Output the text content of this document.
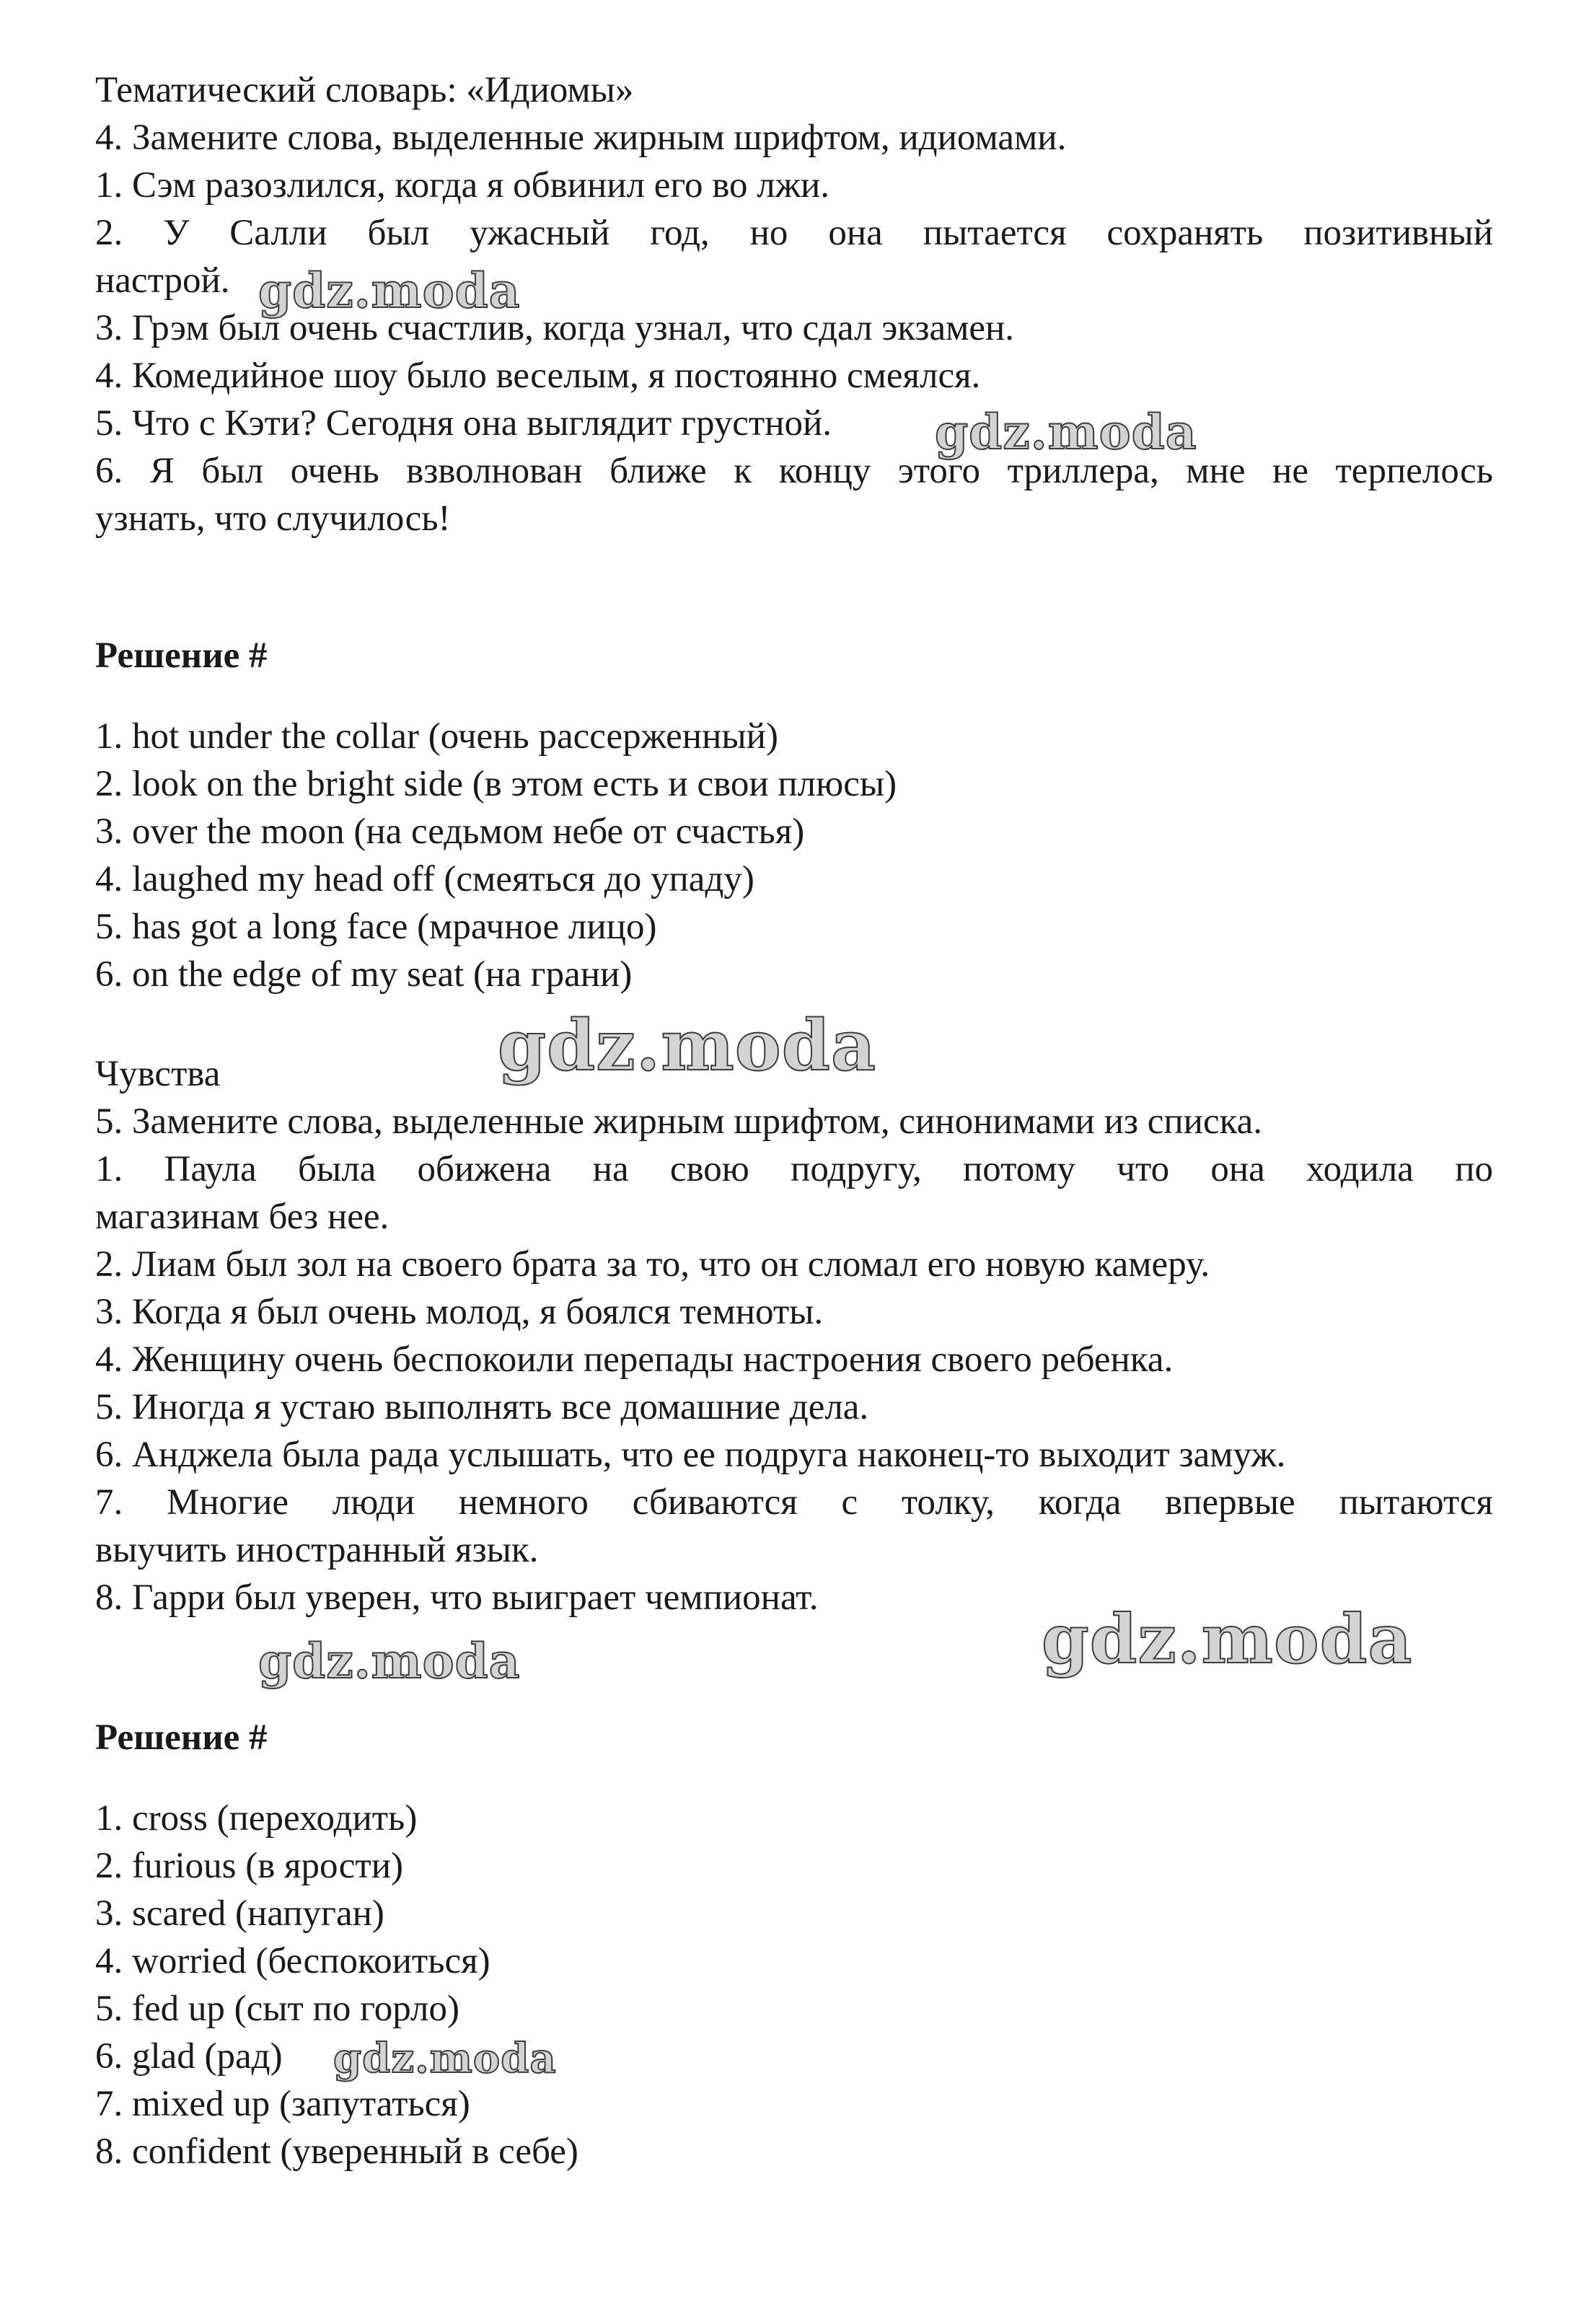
Тематический словарь: «Идиомы»
4. Замените слова, выделенные жирным шрифтом, идиомами.
1. Сэм разозлился, когда я обвинил его во лжи.
2. У Салли был ужасный год, но она пытается сохранять позитивный
настрой.
3. Грэм был очень счастлив, когда узнал, что сдал экзамен.
4. Комедийное шоу было веселым, я постоянно смеялся.
5. Что с Кэти? Сегодня она выглядит грустной.
6. Я был очень взволнован ближе к концу этого триллера, мне не терпелось
узнать, что случилось!
Решение #
1. hot under the collar (очень рассерженный)
2. look on the bright side (в этом есть и свои плюсы)
3. over the moon (на седьмом небе от счастья)
4. laughed my head off (смеяться до упаду)
5. has got a long face (мрачное лицо)
6. on the edge of my seat (на грани)
Чувства
5. Замените слова, выделенные жирным шрифтом, синонимами из списка.
1. Паула была обижена на свою подругу, потому что она ходила по
магазинам без нее.
2. Лиам был зол на своего брата за то, что он сломал его новую камеру.
3. Когда я был очень молод, я боялся темноты.
4. Женщину очень беспокоили перепады настроения своего ребенка.
5. Иногда я устаю выполнять все домашние дела.
6. Анджела была рада услышать, что ее подруга наконец-то выходит замуж.
7. Многие люди немного сбиваются с толку, когда впервые пытаются
выучить иностранный язык.
8. Гарри был уверен, что выиграет чемпионат.
Решение #
1. cross (переходить)
2. furious (в ярости)
3. scared (напуган)
4. worried (беспокоиться)
5. fed up (сыт по горло)
6. glad (рад)
7. mixed up (запутаться)
8. confident (уверенный в себе)
gdz.moda
gdz.moda
gdz.moda
gdz.moda
gdz.moda
gdz.moda
